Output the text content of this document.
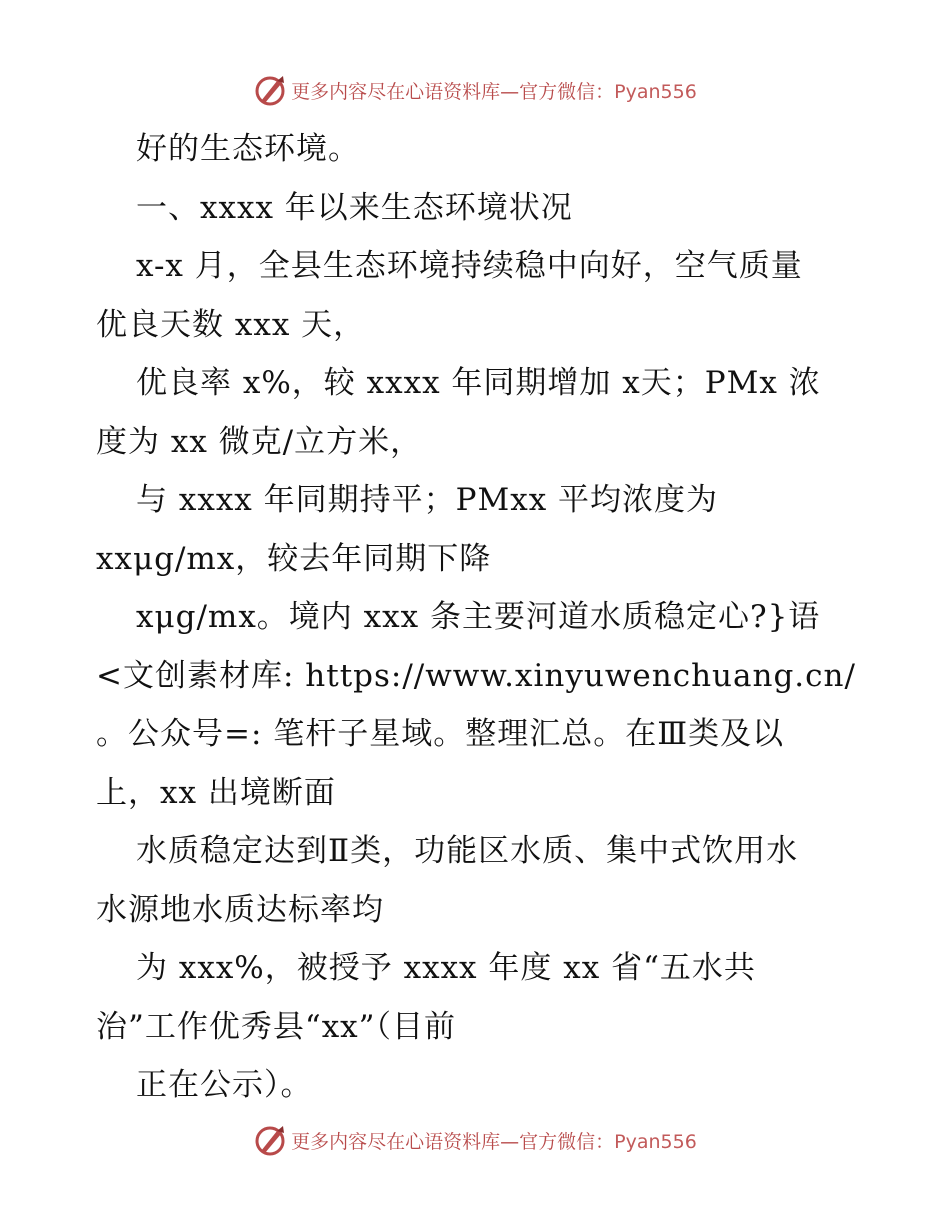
更多内容尽在心语资料库—官方微信：Pyan556
好的生态环境。
一、xxxx 年以来生态环境状况
x-x 月，全县生态环境持续稳中向好，空气质量
优良天数 xxx 天，
优良率 x%，较 xxxx 年同期增加 x天；PMx 浓
度为 xx 微克/立方米，
与 xxxx 年同期持平；PMxx 平均浓度为
xxμg/mx，较去年同期下降
xμg/mx。境内 xxx 条主要河道水质稳定心?}语
<文创素材库: https://www.xinyuwenchuang.cn/
。公众号=: 笔杆子星域。整理汇总。在Ⅲ类及以
上，xx 出境断面
水质稳定达到Ⅱ类，功能区水质、集中式饮用水
水源地水质达标率均
为 xxx%，被授予 xxxx 年度 xx 省“五水共
治”工作优秀县“xx”（目前
正在公示）。
更多内容尽在心语资料库—官方微信：Pyan556
